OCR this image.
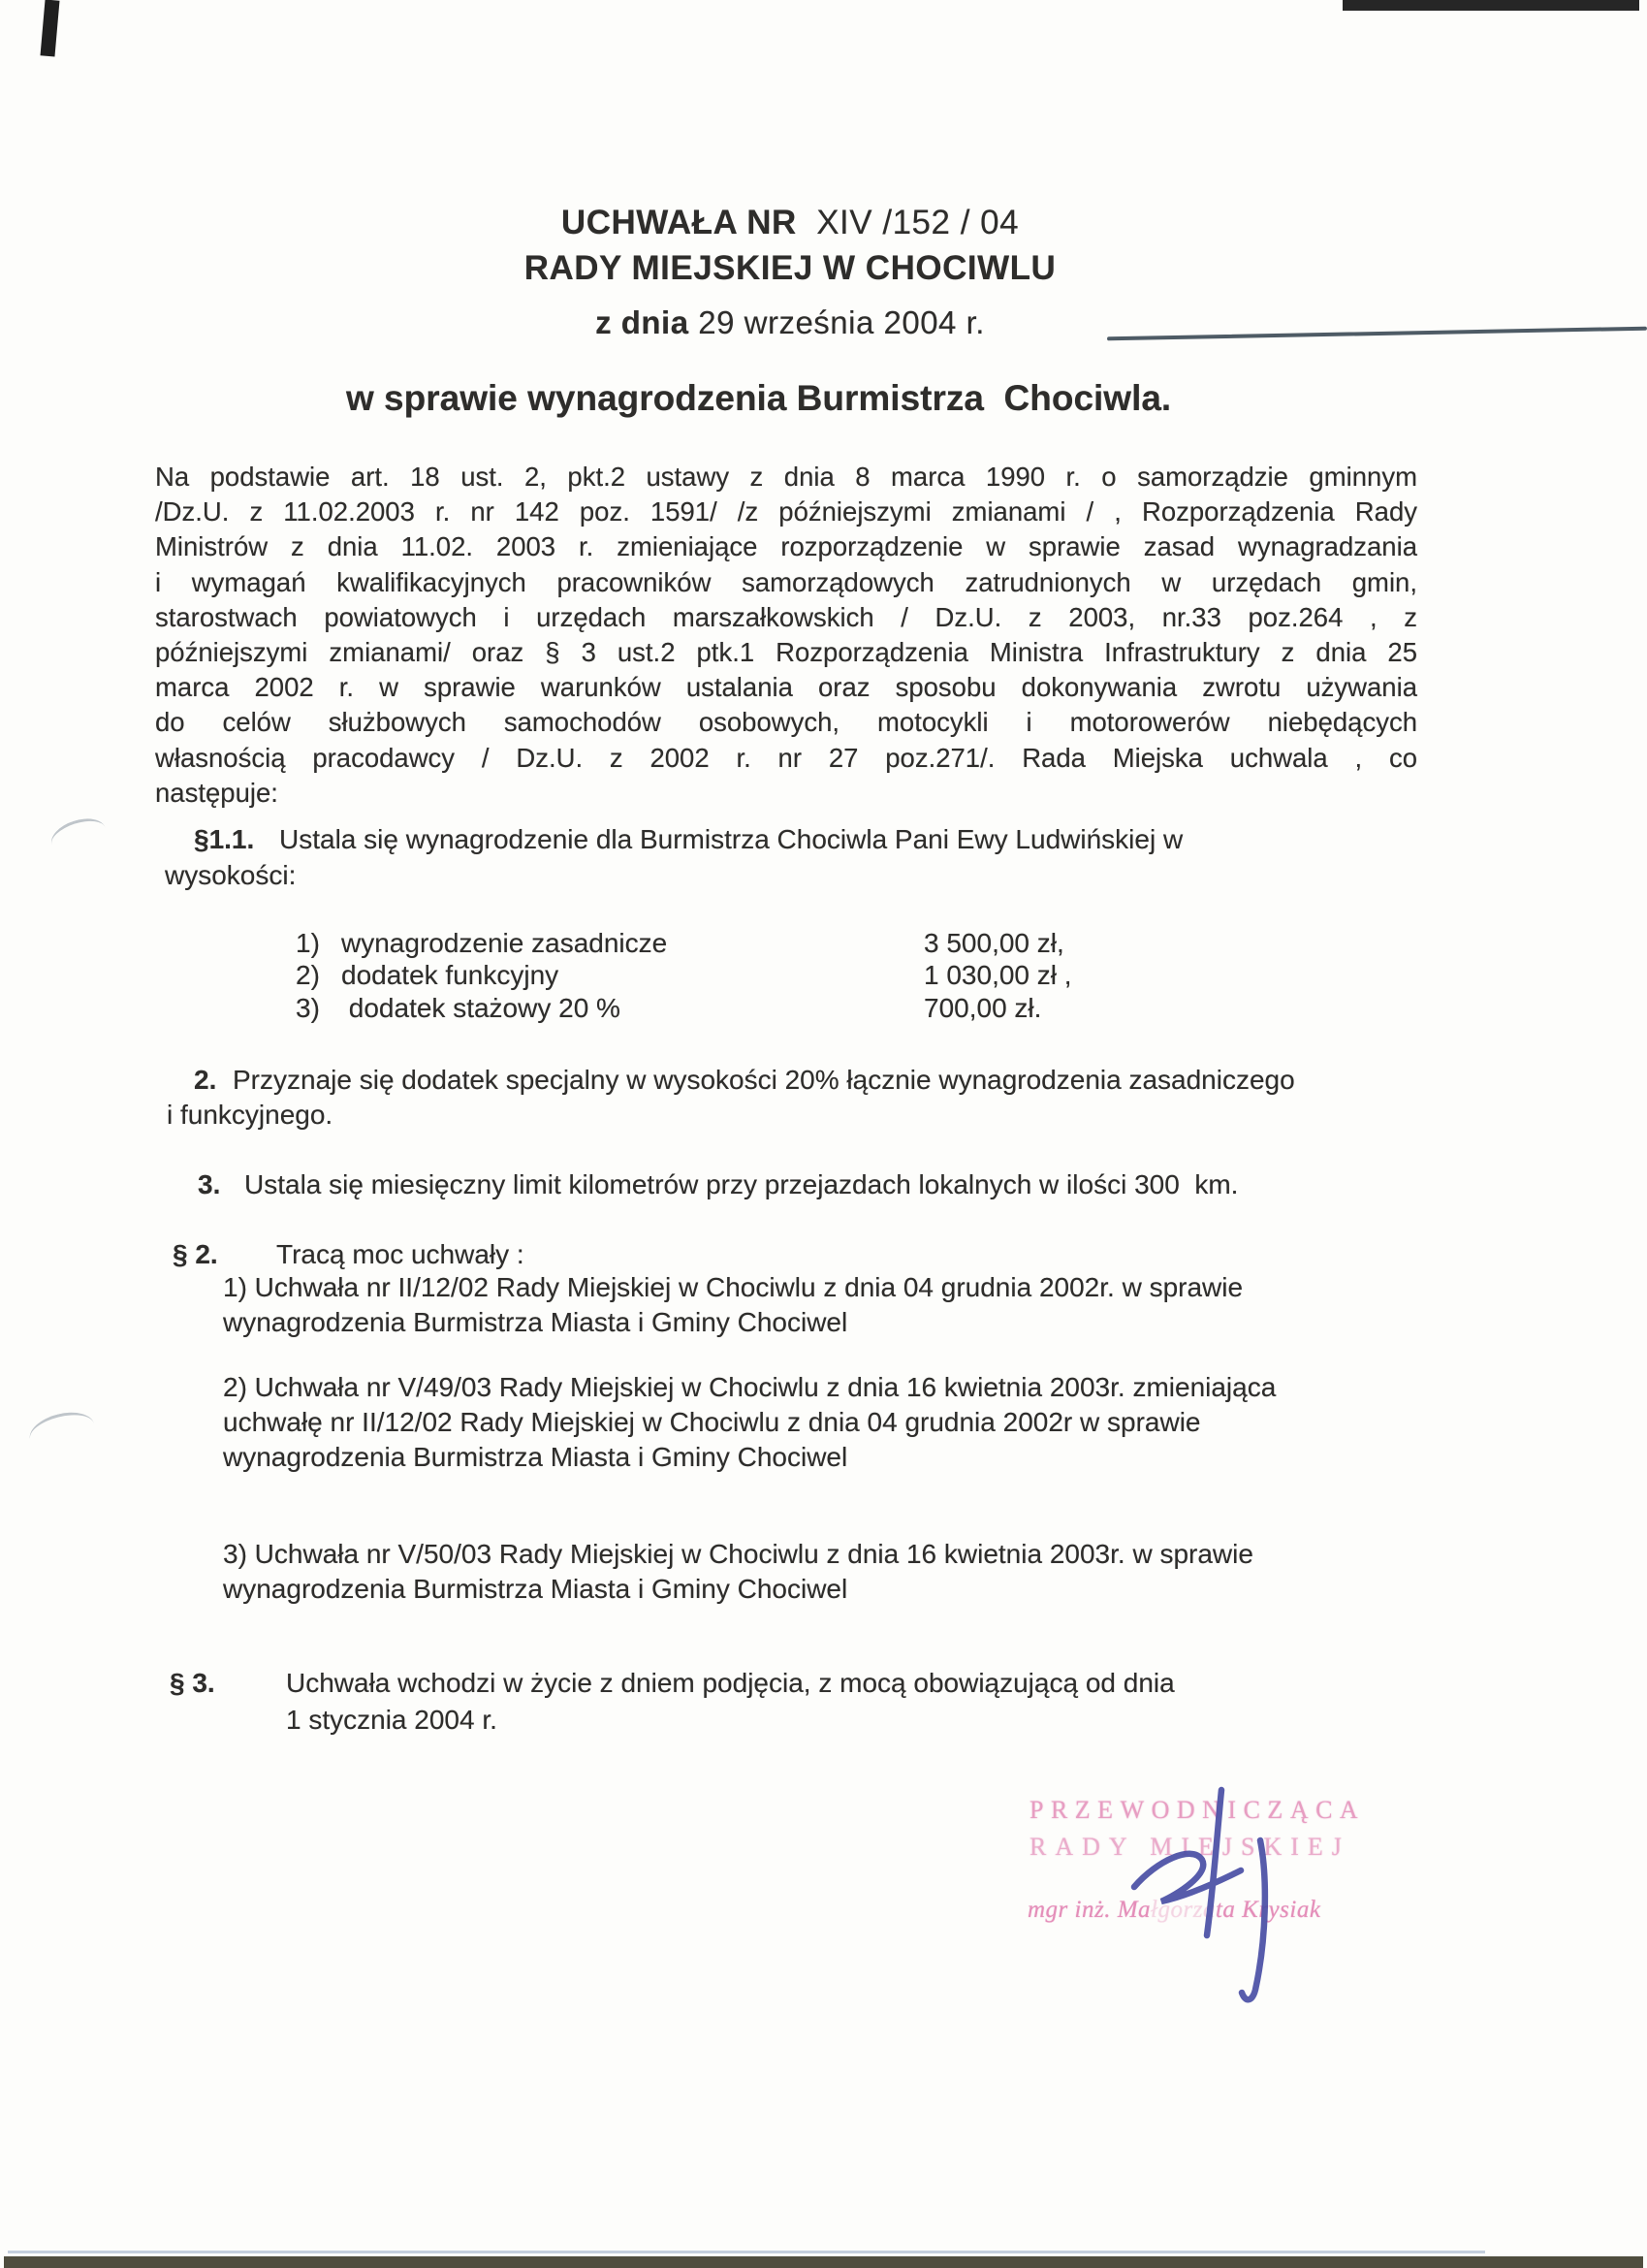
UCHWAŁA NR  XIV /152 / 04
RADY MIEJSKIEJ W CHOCIWLU
z dnia 29 września 2004 r.
w sprawie wynagrodzenia Burmistrza  Chociwla.
Na podstawie art. 18 ust. 2, pkt.2 ustawy z dnia 8 marca 1990 r. o samorządzie gminnym
/Dz.U. z 11.02.2003 r. nr 142 poz. 1591/ /z późniejszymi zmianami / , Rozporządzenia Rady
Ministrów z dnia 11.02. 2003 r. zmieniające rozporządzenie w sprawie zasad wynagradzania
i wymagań kwalifikacyjnych pracowników samorządowych zatrudnionych w urzędach gmin,
starostwach powiatowych i urzędach marszałkowskich / Dz.U. z 2003, nr.33 poz.264 , z
późniejszymi zmianami/ oraz § 3 ust.2 ptk.1 Rozporządzenia Ministra Infrastruktury z dnia 25
marca 2002 r. w sprawie warunków ustalania oraz sposobu dokonywania zwrotu używania
do celów służbowych samochodów osobowych, motocykli i motorowerów niebędących
własnością pracodawcy / Dz.U. z 2002 r. nr 27 poz.271/. Rada Miejska uchwala , co
następuje:
§1.1. Ustala się wynagrodzenie dla Burmistrza Chociwla Pani Ewy Ludwińskiej w
wysokości:
1) wynagrodzenie zasadnicze	3 500,00 zł,
2) dodatek funkcyjny	1 030,00 zł ,
3) dodatek stażowy 20 %	700,00 zł.
2. Przyznaje się dodatek specjalny w wysokości 20% łącznie wynagrodzenia zasadniczego
i funkcyjnego.
3. Ustala się miesięczny limit kilometrów przy przejazdach lokalnych w ilości 300  km.
§ 2. Tracą moc uchwały :
1) Uchwała nr II/12/02 Rady Miejskiej w Chociwlu z dnia 04 grudnia 2002r. w sprawie
wynagrodzenia Burmistrza Miasta i Gminy Chociwel
2) Uchwała nr V/49/03 Rady Miejskiej w Chociwlu z dnia 16 kwietnia 2003r. zmieniająca
uchwałę nr II/12/02 Rady Miejskiej w Chociwlu z dnia 04 grudnia 2002r w sprawie
wynagrodzenia Burmistrza Miasta i Gminy Chociwel
3) Uchwała nr V/50/03 Rady Miejskiej w Chociwlu z dnia 16 kwietnia 2003r. w sprawie
wynagrodzenia Burmistrza Miasta i Gminy Chociwel
§ 3.	Uchwała wchodzi w życie z dniem podjęcia, z mocą obowiązującą od dnia
1 stycznia 2004 r.
PRZEWODNICZĄCA
RADY MIEJSKIEJ
mgr inż. Małgorzata Krysiak
